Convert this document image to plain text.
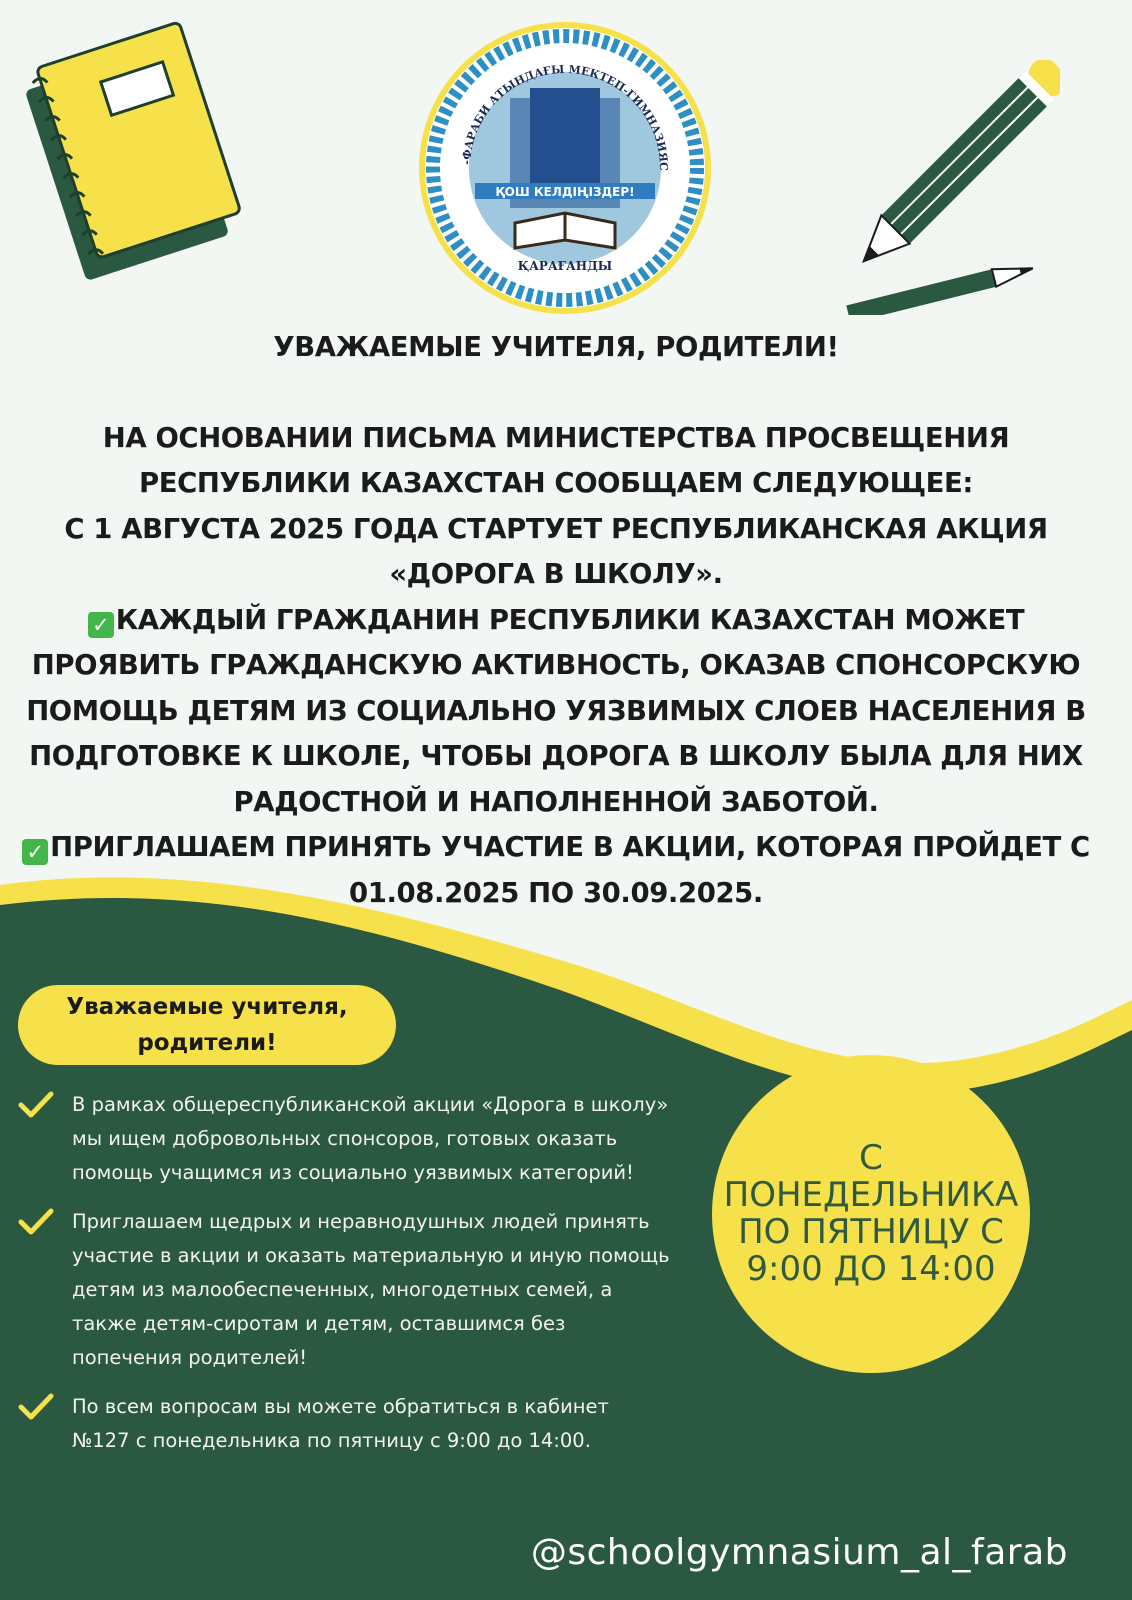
-ФАРАБИ АТЫНДАҒЫ МЕКТЕП-ГИМНАЗИЯС
ҚОШ КЕЛДІҢІЗДЕР!
ҚАРАҒАНДЫ

УВАЖАЕМЫЕ УЧИТЕЛЯ, РОДИТЕЛИ!

НА ОСНОВАНИИ ПИСЬМА МИНИСТЕРСТВА ПРОСВЕЩЕНИЯ

РЕСПУБЛИКИ КАЗАХСТАН СООБЩАЕМ СЛЕДУЮЩЕЕ:

С 1 АВГУСТА 2025 ГОДА СТАРТУЕТ РЕСПУБЛИКАНСКАЯ АКЦИЯ

«ДОРОГА В ШКОЛУ».

✓ КАЖДЫЙ ГРАЖДАНИН РЕСПУБЛИКИ КАЗАХСТАН МОЖЕТ

ПРОЯВИТЬ ГРАЖДАНСКУЮ АКТИВНОСТЬ, ОКАЗАВ СПОНСОРСКУЮ

ПОМОЩЬ ДЕТЯМ ИЗ СОЦИАЛЬНО УЯЗВИМЫХ СЛОЕВ НАСЕЛЕНИЯ В

ПОДГОТОВКЕ К ШКОЛЕ, ЧТОБЫ ДОРОГА В ШКОЛУ БЫЛА ДЛЯ НИХ

РАДОСТНОЙ И НАПОЛНЕННОЙ ЗАБОТОЙ.

✓ ПРИГЛАШАЕМ ПРИНЯТЬ УЧАСТИЕ В АКЦИИ, КОТОРАЯ ПРОЙДЕТ С

01.08.2025 ПО 30.09.2025.

Уважаемые учителя, родители!
С ПОНЕДЕЛЬНИКА ПО ПЯТНИЦУ С 9:00 ДО 14:00
В рамках общереспубликанской акции «Дорога в школу» мы ищем добровольных спонсоров, готовых оказать помощь учащимся из социально уязвимых категорий!
Приглашаем щедрых и неравнодушных людей принять участие в акции и оказать материальную и иную помощь детям из малообеспеченных, многодетных семей, а также детям-сиротам и детям, оставшимся без попечения родителей!
По всем вопросам вы можете обратиться в кабинет №127 с понедельника по пятницу с 9:00 до 14:00.
@schoolgymnasium_al_farab
